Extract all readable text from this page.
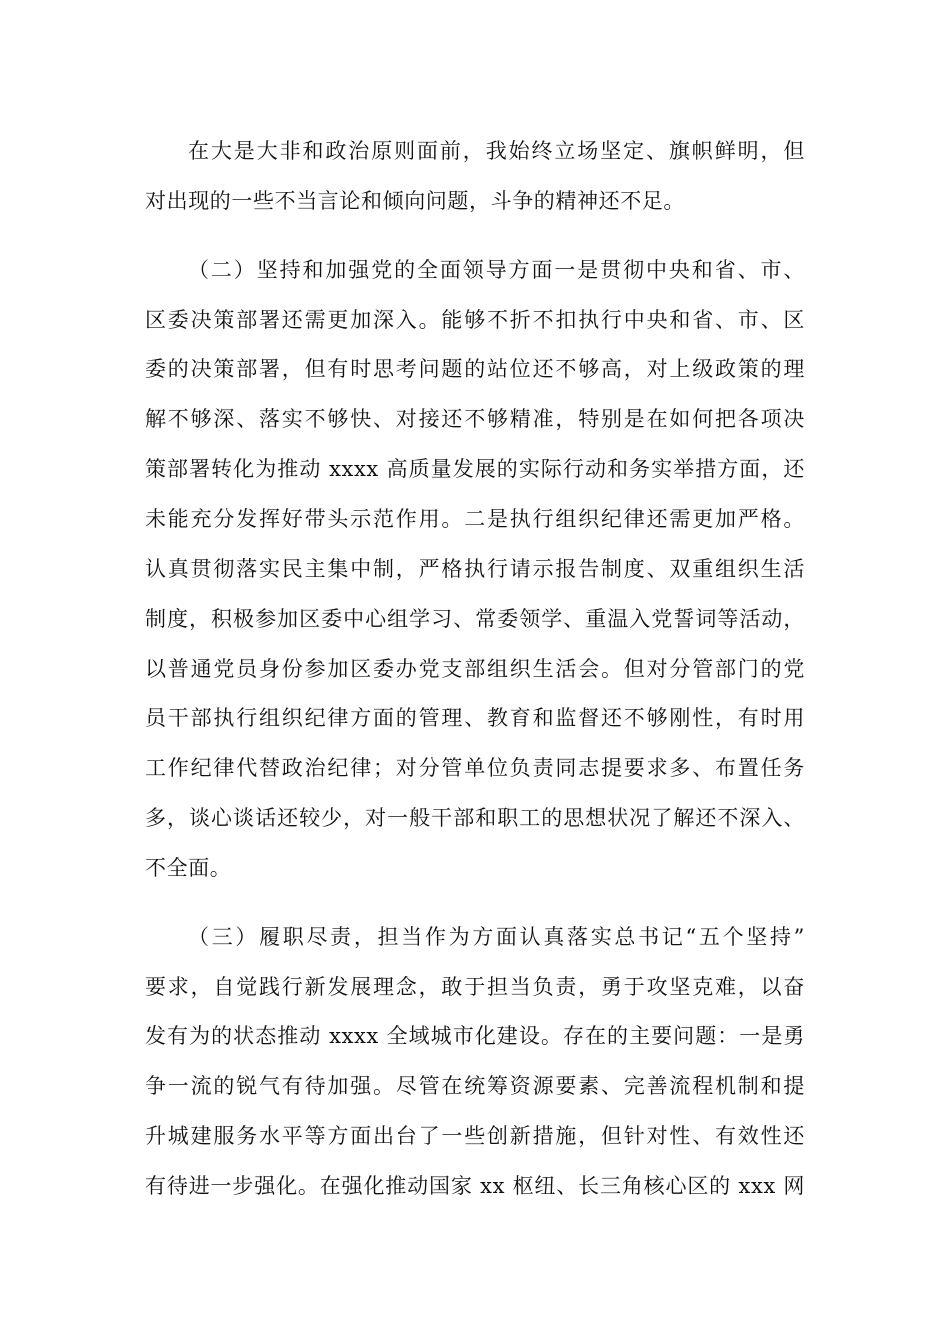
在大是大非和政治原则面前，我始终立场坚定、旗帜鲜明，但
对出现的一些不当言论和倾向问题，斗争的精神还不足。
（二）坚持和加强党的全面领导方面一是贯彻中央和省、市、
区委决策部署还需更加深入。能够不折不扣执行中央和省、市、区
委的决策部署，但有时思考问题的站位还不够高，对上级政策的理
解不够深、落实不够快、对接还不够精准，特别是在如何把各项决
策部署转化为推动 xxxx 高质量发展的实际行动和务实举措方面，还
未能充分发挥好带头示范作用。二是执行组织纪律还需更加严格。
认真贯彻落实民主集中制，严格执行请示报告制度、双重组织生活
制度，积极参加区委中心组学习、常委领学、重温入党誓词等活动，
以普通党员身份参加区委办党支部组织生活会。但对分管部门的党
员干部执行组织纪律方面的管理、教育和监督还不够刚性，有时用
工作纪律代替政治纪律；对分管单位负责同志提要求多、布置任务
多，谈心谈话还较少，对一般干部和职工的思想状况了解还不深入、
不全面。
（三）履职尽责，担当作为方面认真落实总书记“五个坚持”
要求，自觉践行新发展理念，敢于担当负责，勇于攻坚克难，以奋
发有为的状态推动 xxxx 全域城市化建设。存在的主要问题：一是勇
争一流的锐气有待加强。尽管在统筹资源要素、完善流程机制和提
升城建服务水平等方面出台了一些创新措施，但针对性、有效性还
有待进一步强化。在强化推动国家 xx 枢纽、长三角核心区的 xxx 网
